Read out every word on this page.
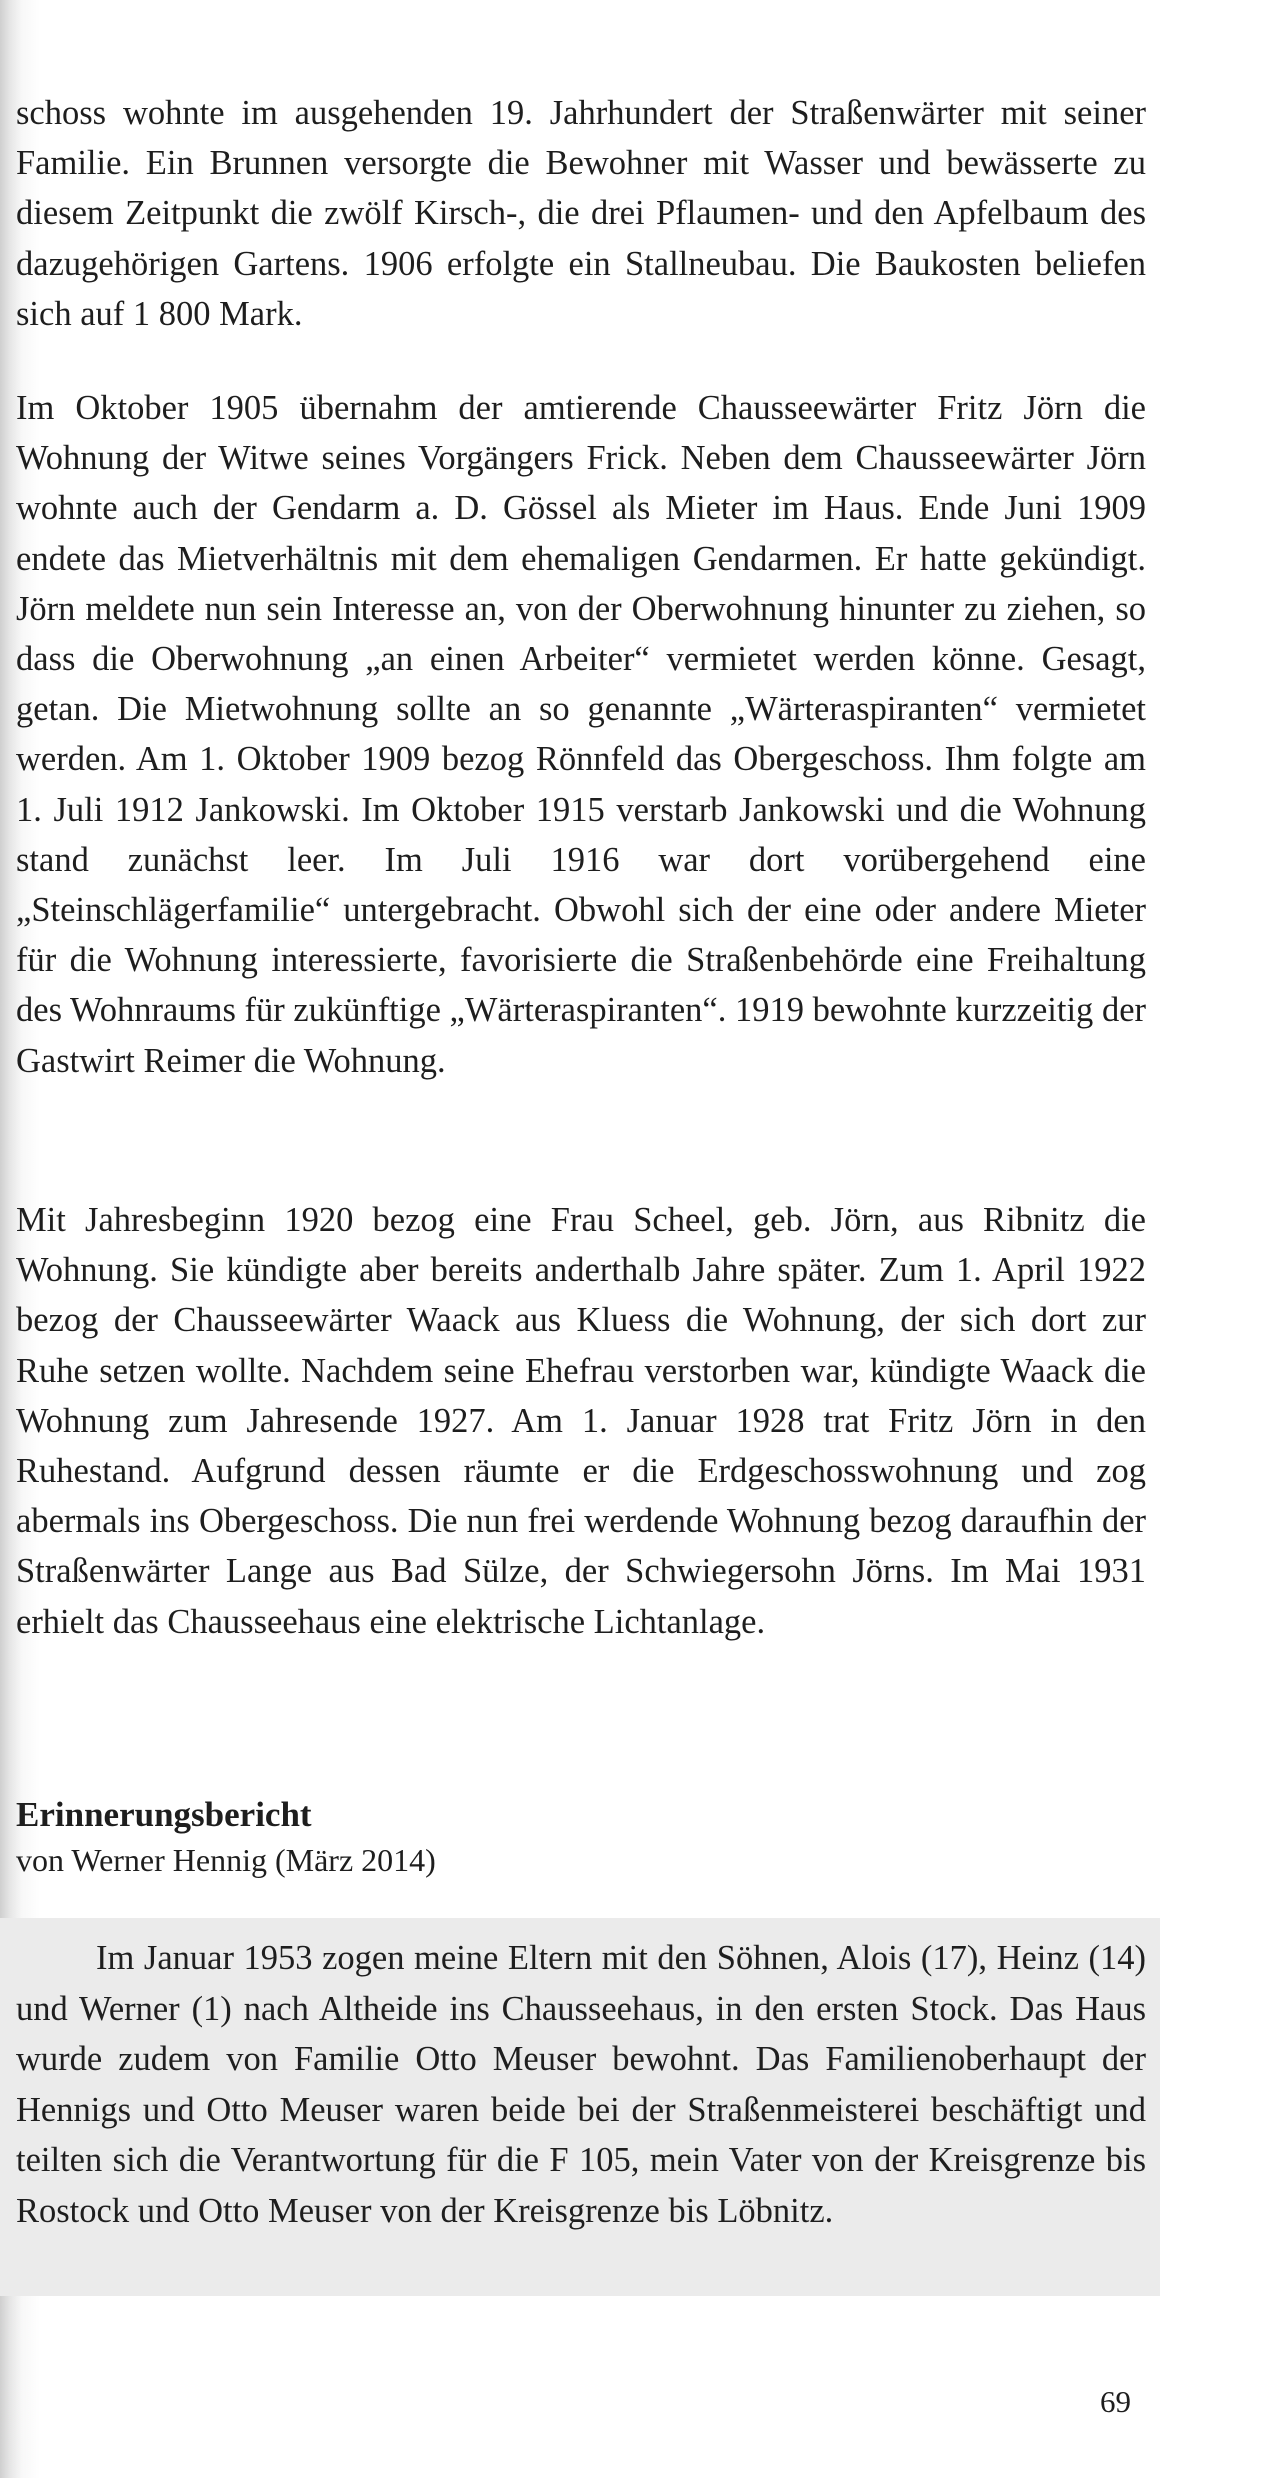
schoss wohnte im ausgehenden 19. Jahrhundert der Straßenwärter mit seiner Familie. Ein Brunnen versorgte die Bewohner mit Wasser und bewässerte zu diesem Zeitpunkt die zwölf Kirsch-, die drei Pflaumen- und den Apfelbaum des dazugehörigen Gartens. 1906 erfolgte ein Stallneubau. Die Baukosten beliefen sich auf 1 800 Mark.

Im Oktober 1905 übernahm der amtierende Chausseewärter Fritz Jörn die Wohnung der Witwe seines Vorgängers Frick. Neben dem Chausseewärter Jörn wohnte auch der Gendarm a. D. Gössel als Mieter im Haus. Ende Juni 1909 endete das Mietverhältnis mit dem ehemaligen Gendarmen. Er hatte gekündigt. Jörn meldete nun sein Interesse an, von der Oberwohnung hinunter zu ziehen, so dass die Oberwohnung „an einen Arbeiter“ vermietet werden könne. Gesagt, getan. Die Mietwohnung sollte an so genannte „Wärteraspiranten“ vermietet werden. Am 1. Oktober 1909 bezog Rönnfeld das Obergeschoss. Ihm folgte am 1. Juli 1912 Jankowski. Im Oktober 1915 verstarb Jankowski und die Wohnung stand zunächst leer. Im Juli 1916 war dort vorübergehend eine „Steinschlägerfamilie“ untergebracht. Obwohl sich der eine oder andere Mieter für die Wohnung interessierte, favorisierte die Straßenbehörde eine Freihaltung des Wohnraums für zukünftige „Wärteraspiranten“. 1919 bewohnte kurzzeitig der Gastwirt Reimer die Wohnung.

Mit Jahresbeginn 1920 bezog eine Frau Scheel, geb. Jörn, aus Ribnitz die Wohnung. Sie kündigte aber bereits anderthalb Jahre später. Zum 1. April 1922 bezog der Chausseewärter Waack aus Kluess die Wohnung, der sich dort zur Ruhe setzen wollte. Nachdem seine Ehefrau verstorben war, kündigte Waack die Wohnung zum Jahresende 1927. Am 1. Januar 1928 trat Fritz Jörn in den Ruhestand. Aufgrund dessen räumte er die Erdgeschosswohnung und zog abermals ins Obergeschoss. Die nun frei werdende Wohnung bezog daraufhin der Straßenwärter Lange aus Bad Sülze, der Schwiegersohn Jörns. Im Mai 1931 erhielt das Chausseehaus eine elektrische Lichtanlage.

Erinnerungsbericht
von Werner Hennig (März 2014)

Im Januar 1953 zogen meine Eltern mit den Söhnen, Alois (17), Heinz (14) und Werner (1) nach Altheide ins Chausseehaus, in den ersten Stock. Das Haus wurde zudem von Familie Otto Meuser bewohnt. Das Familienoberhaupt der Hennigs und Otto Meuser waren beide bei der Straßenmeisterei beschäftigt und teilten sich die Verantwortung für die F 105, mein Vater von der Kreisgrenze bis Rostock und Otto Meuser von der Kreisgrenze bis Löbnitz.

69
